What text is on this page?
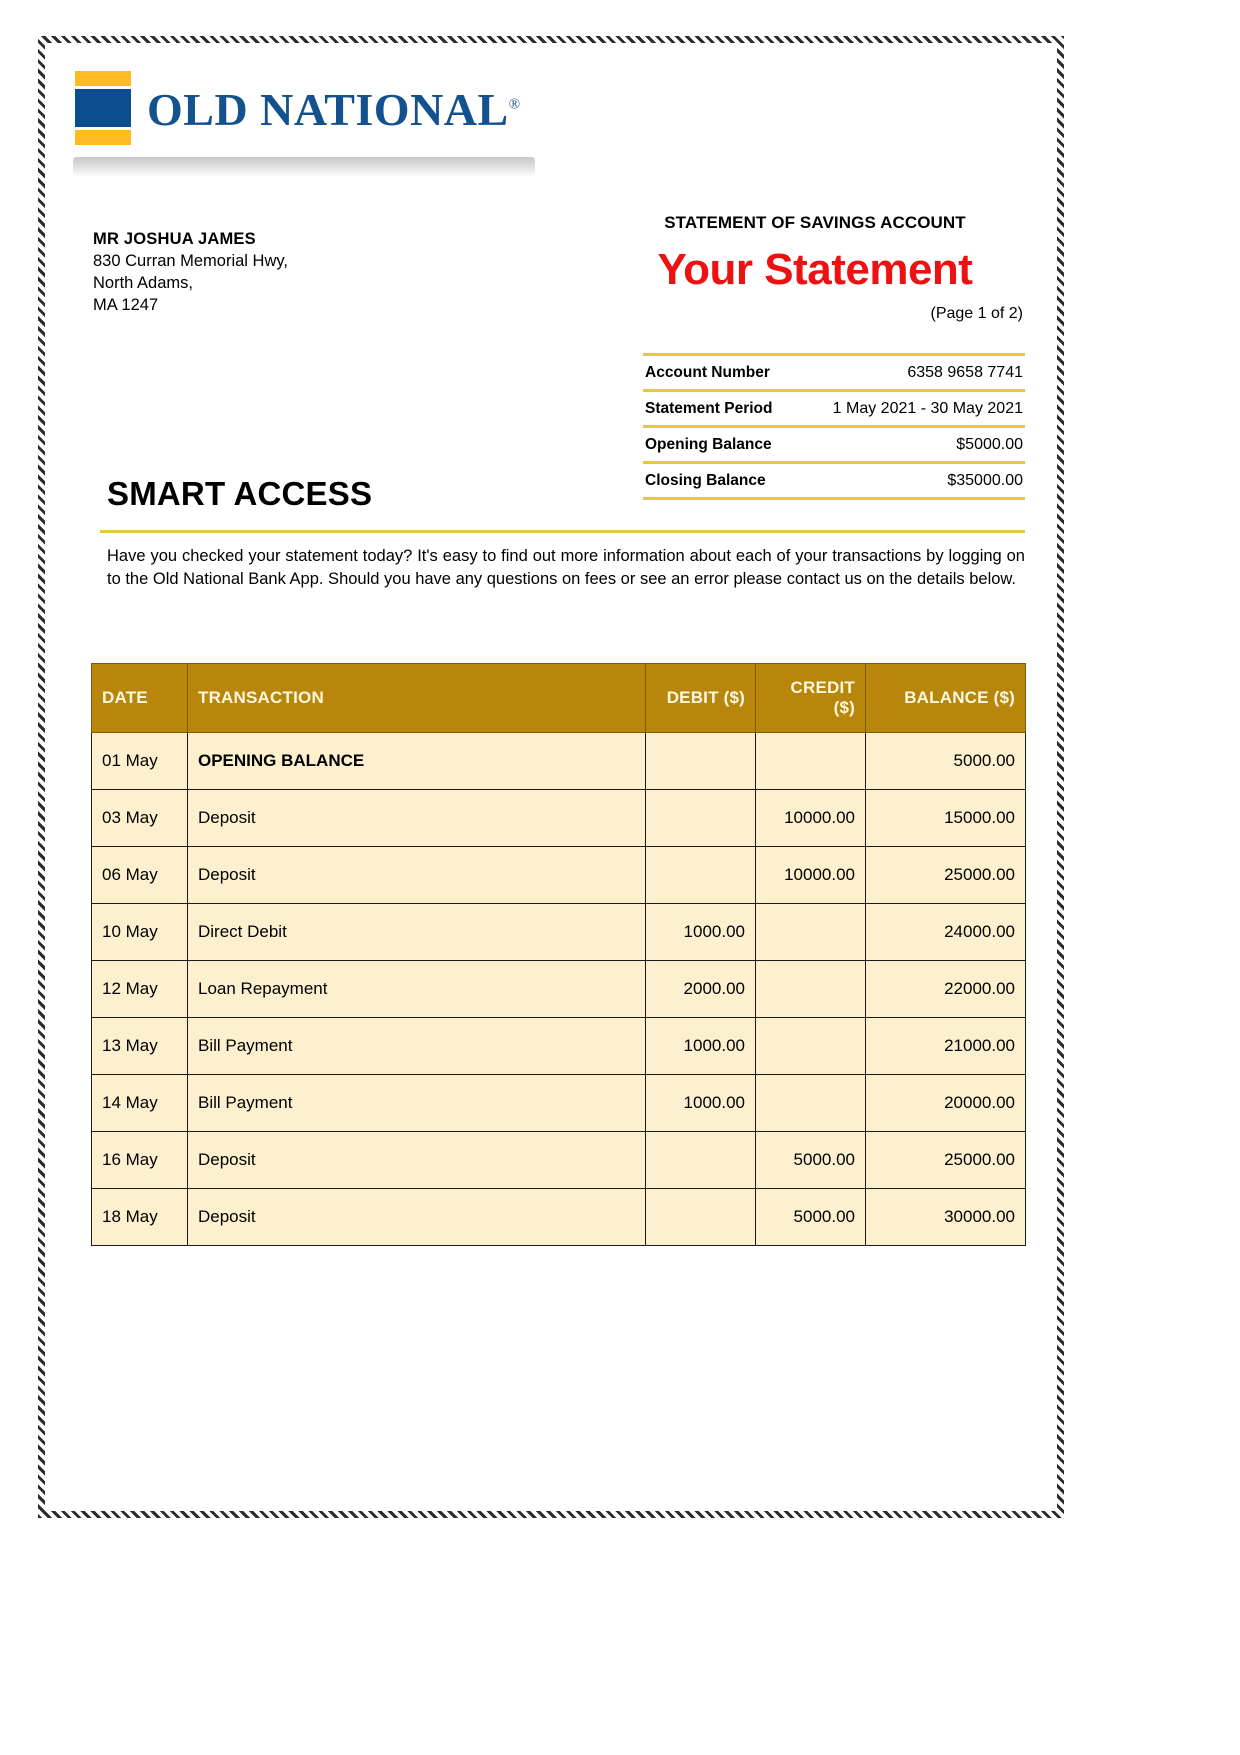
OLD NATIONAL®
MR JOSHUA JAMES
830 Curran Memorial Hwy,
North Adams,
MA 1247
STATEMENT OF SAVINGS ACCOUNT
Your Statement
(Page 1 of 2)
Account Number	6358 9658 7741
Statement Period	1 May 2021 - 30 May 2021
Opening Balance	$5000.00
Closing Balance	$35000.00
SMART ACCESS
Have you checked your statement today? It's easy to find out more information about each of your transactions by logging on to the Old National Bank App. Should you have any questions on fees or see an error please contact us on the details below.
DATE	TRANSACTION	DEBIT ($)	CREDIT ($)	BALANCE ($)
01 May	OPENING BALANCE			5000.00
03 May	Deposit		10000.00	15000.00
06 May	Deposit		10000.00	25000.00
10 May	Direct Debit	1000.00		24000.00
12 May	Loan Repayment	2000.00		22000.00
13 May	Bill Payment	1000.00		21000.00
14 May	Bill Payment	1000.00		20000.00
16 May	Deposit		5000.00	25000.00
18 May	Deposit		5000.00	30000.00
